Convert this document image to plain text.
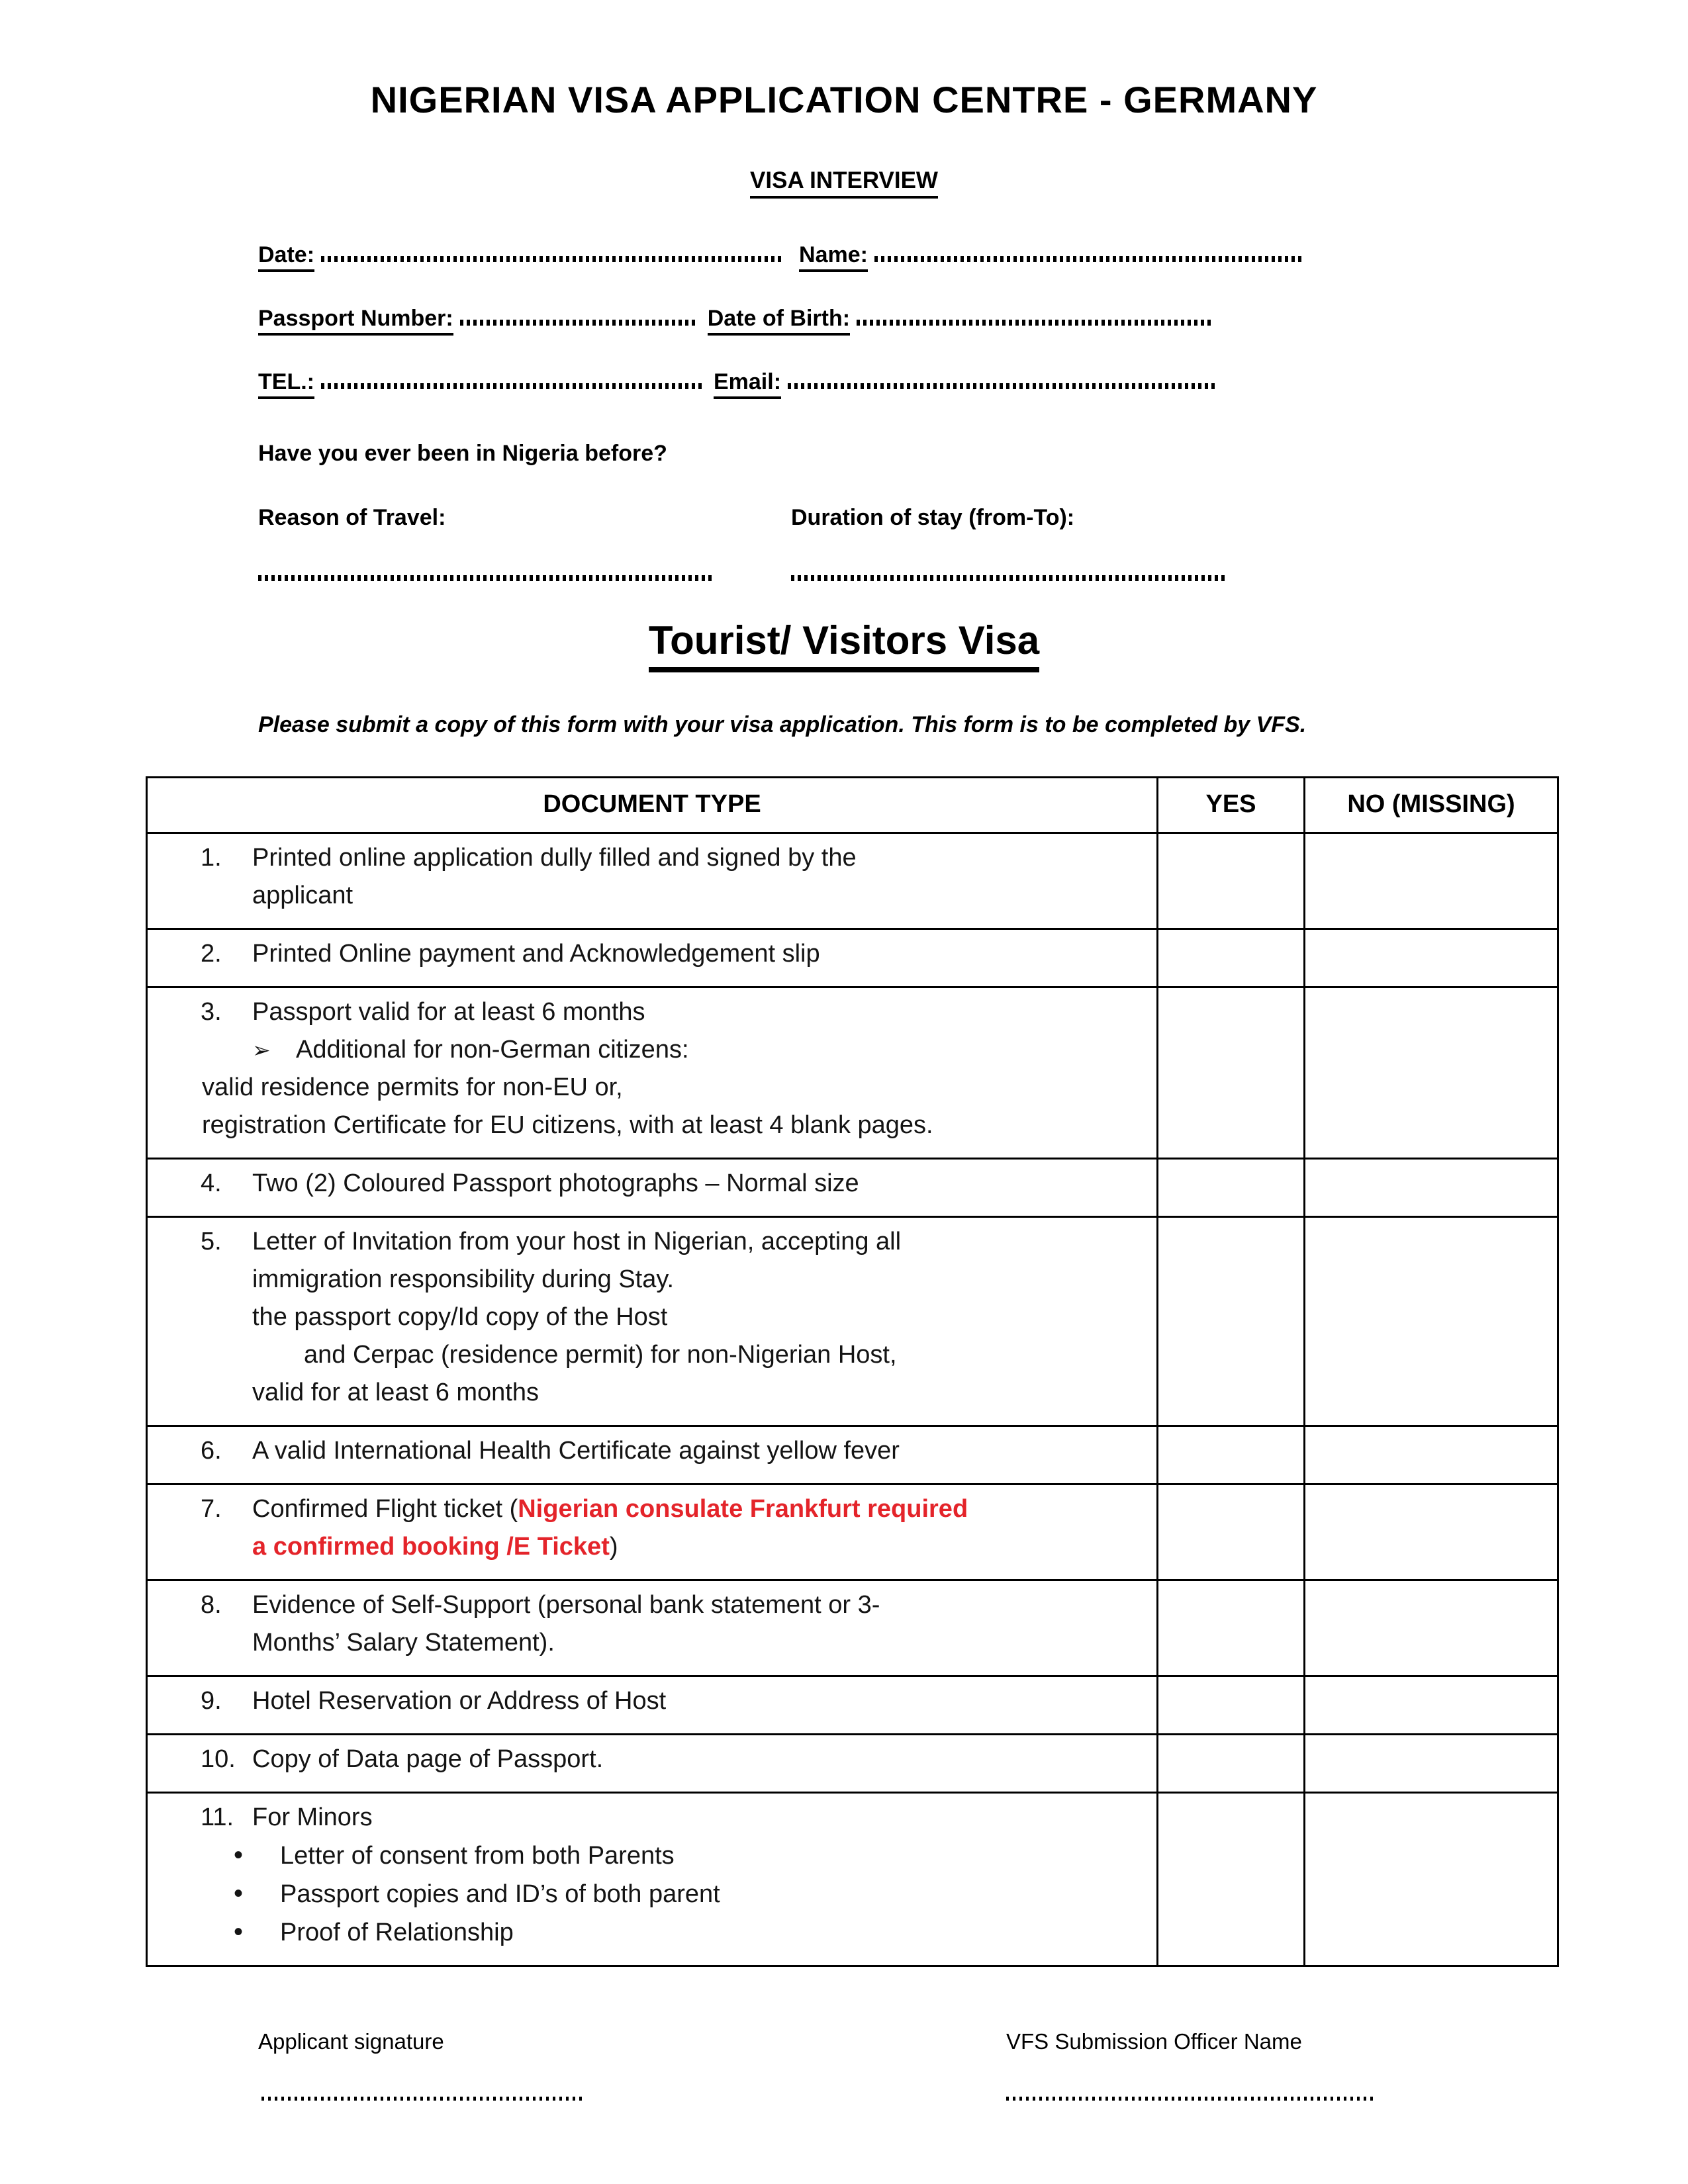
NIGERIAN VISA APPLICATION CENTRE - GERMANY
VISA INTERVIEW
Date:	Name:
Passport Number:	Date of Birth:
TEL.:	Email:
Have you ever been in Nigeria before?
Reason of Travel:	Duration of stay (from-To):
Tourist/ Visitors Visa
Please submit a copy of this form with your visa application. This form is to be completed by VFS.
DOCUMENT TYPE	YES	NO (MISSING)

1. Printed online application dully filled and signed by the
applicant		

2. Printed Online payment and Acknowledgement slip		

3. Passport valid for at least 6 months
➢ Additional for non-German citizens:
valid residence permits for non-EU or,
registration Certificate for EU citizens, with at least 4 blank pages.		

4. Two (2) Coloured Passport photographs – Normal size		

5. Letter of Invitation from your host in Nigerian, accepting all
immigration responsibility during Stay.
the passport copy/Id copy of the Host
and Cerpac (residence permit) for non-Nigerian Host,
valid for at least 6 months		

6. A valid International Health Certificate against yellow fever		

7. Confirmed Flight ticket (Nigerian consulate Frankfurt required
a confirmed booking /E Ticket)		

8. Evidence of Self-Support (personal bank statement or 3-
Months’ Salary Statement).		

9. Hotel Reservation or Address of Host		

10. Copy of Data page of Passport.		

11. For Minors
• Letter of consent from both Parents
• Passport copies and ID’s of both parent
• Proof of Relationship		

Applicant signature	VFS Submission Officer Name
